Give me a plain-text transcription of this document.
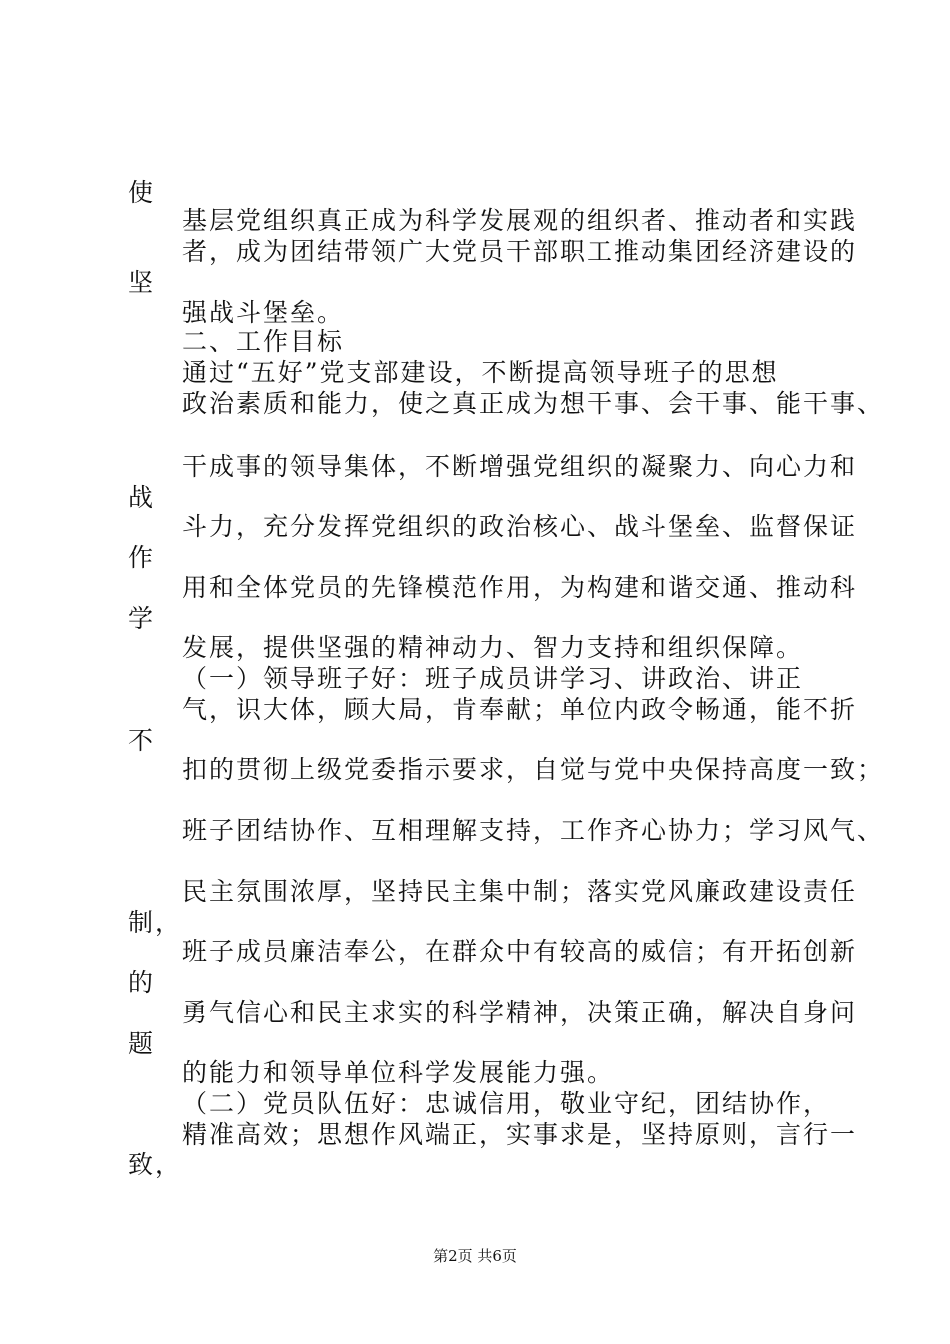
使
基层党组织真正成为科学发展观的组织者、推动者和实践
者，成为团结带领广大党员干部职工推动集团经济建设的
坚
强战斗堡垒。
二、工作目标
通过“五好”党支部建设，不断提高领导班子的思想
政治素质和能力，使之真正成为想干事、会干事、能干事、
干成事的领导集体，不断增强党组织的凝聚力、向心力和
战
斗力，充分发挥党组织的政治核心、战斗堡垒、监督保证
作
用和全体党员的先锋模范作用，为构建和谐交通、推动科
学
发展，提供坚强的精神动力、智力支持和组织保障。
（一）领导班子好：班子成员讲学习、讲政治、讲正
气，识大体，顾大局，肯奉献；单位内政令畅通，能不折
不
扣的贯彻上级党委指示要求，自觉与党中央保持高度一致；
班子团结协作、互相理解支持，工作齐心协力；学习风气、
民主氛围浓厚，坚持民主集中制；落实党风廉政建设责任
制，
班子成员廉洁奉公，在群众中有较高的威信；有开拓创新
的
勇气信心和民主求实的科学精神，决策正确，解决自身问
题
的能力和领导单位科学发展能力强。
（二）党员队伍好：忠诚信用，敬业守纪，团结协作，
精准高效；思想作风端正，实事求是，坚持原则，言行一
致，
第2页 共6页
